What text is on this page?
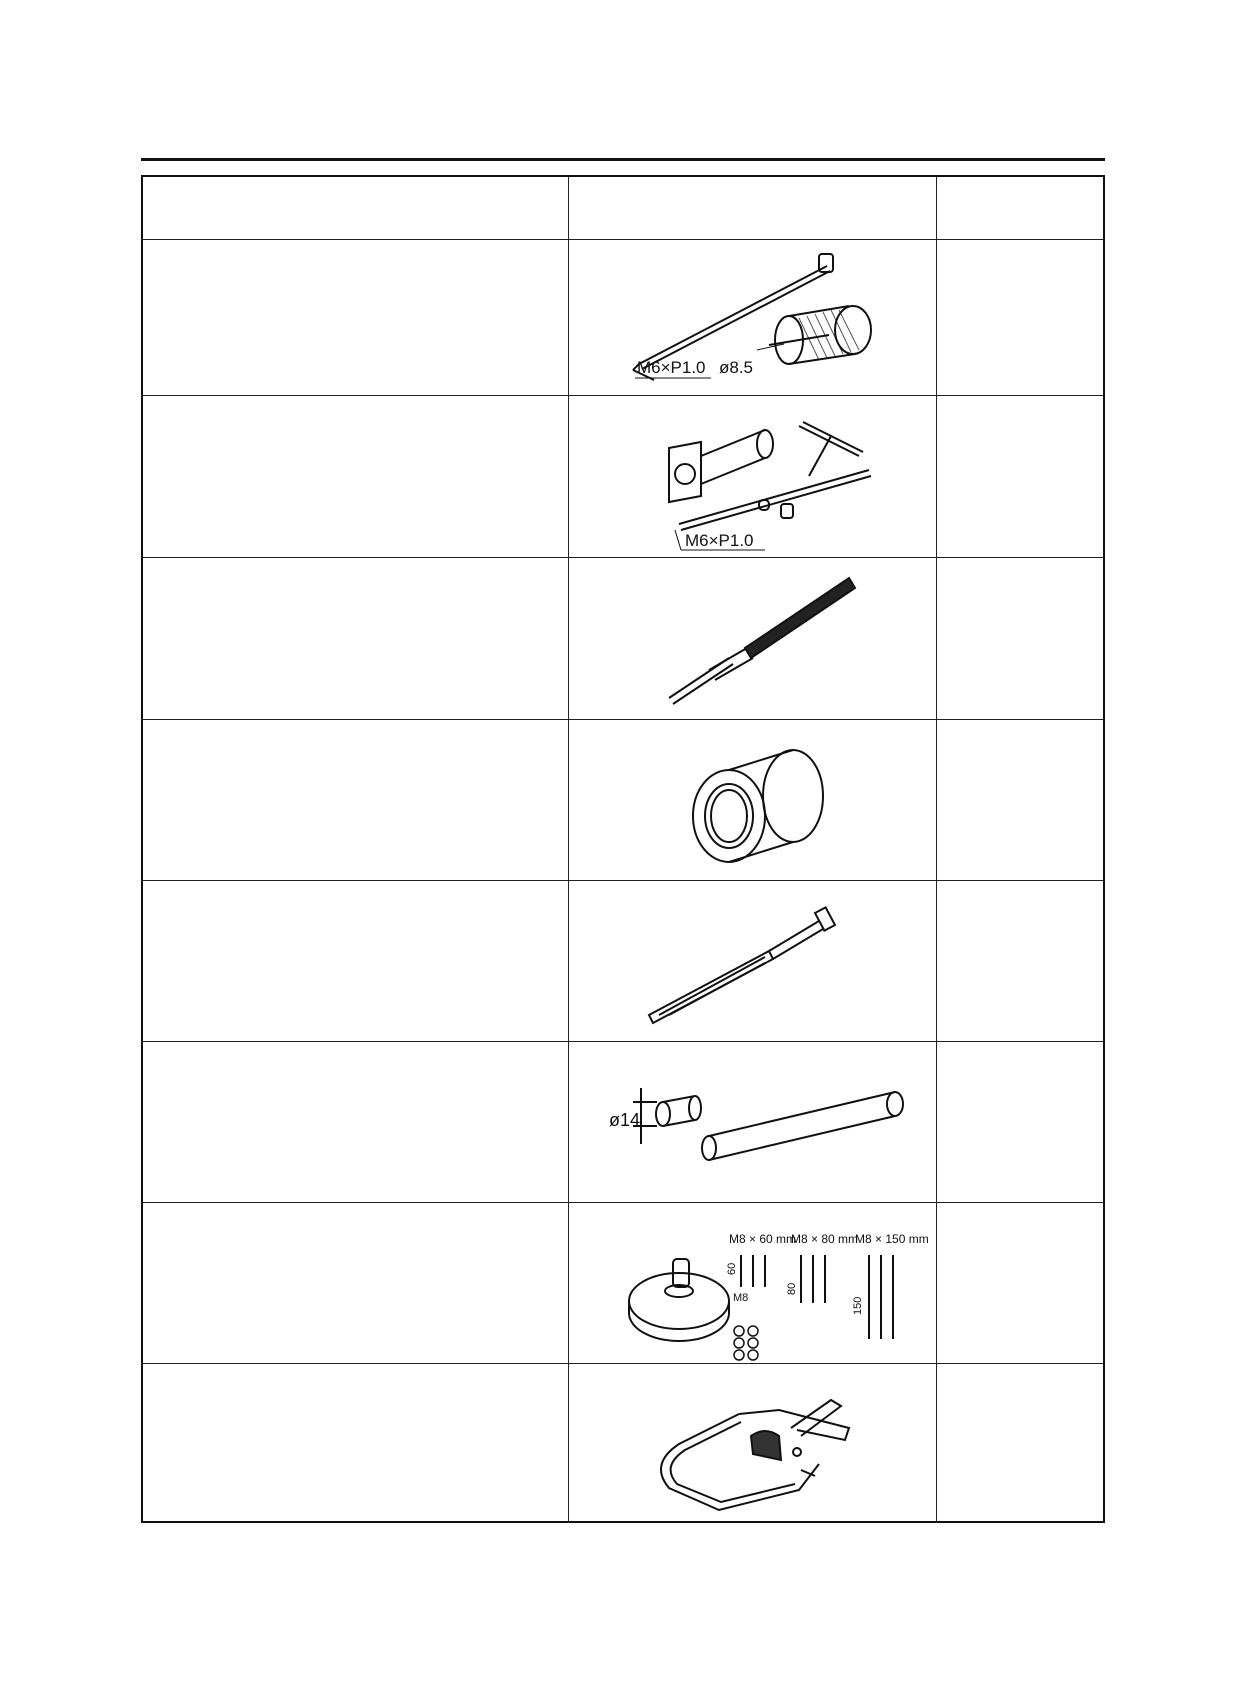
M6×P1.0 ø8.5
M6×P1.0
ø14
M8 × 60 mm
M8 × 80 mm
M8 × 150 mm
60
80
150
M8
